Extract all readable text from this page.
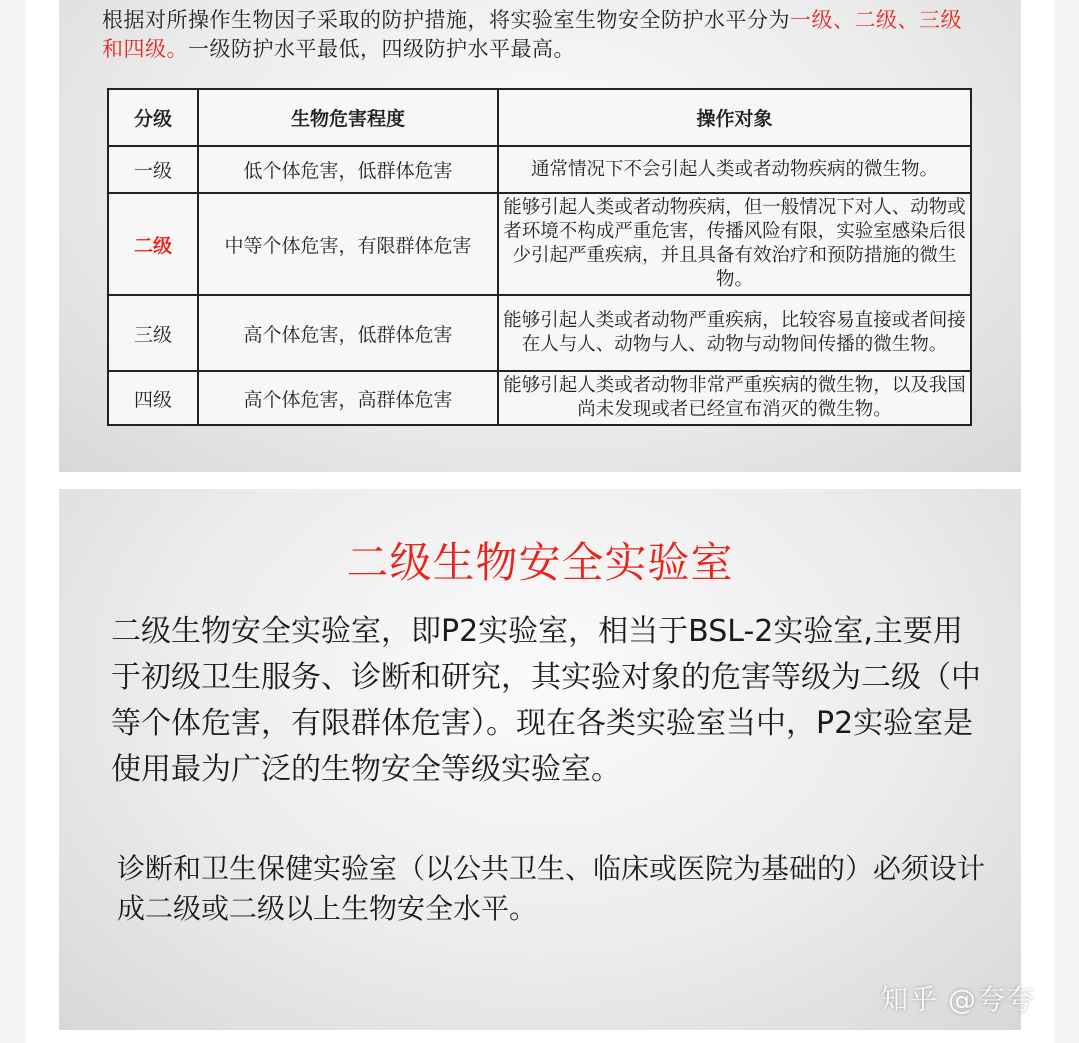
根据对所操作生物因子采取的防护措施，将实验室生物安全防护水平分为一级、二级、三级和四级。一级防护水平最低，四级防护水平最高。
分级	生物危害程度	操作对象
一级	低个体危害，低群体危害	通常情况下不会引起人类或者动物疾病的微生物。
二级	中等个体危害，有限群体危害	能够引起人类或者动物疾病，但一般情况下对人、动物或者环境不构成严重危害，传播风险有限，实验室感染后很少引起严重疾病，并且具备有效治疗和预防措施的微生物。
三级	高个体危害，低群体危害	能够引起人类或者动物严重疾病，比较容易直接或者间接在人与人、动物与人、动物与动物间传播的微生物。
四级	高个体危害，高群体危害	能够引起人类或者动物非常严重疾病的微生物，以及我国尚未发现或者已经宣布消灭的微生物。
二级生物安全实验室
二级生物安全实验室，即P2实验室，相当于BSL-2实验室,主要用于初级卫生服务、诊断和研究，其实验对象的危害等级为二级（中等个体危害，有限群体危害）。现在各类实验室当中，P2实验室是使用最为广泛的生物安全等级实验室。
诊断和卫生保健实验室（以公共卫生、临床或医院为基础的）必须设计成二级或二级以上生物安全水平。
知乎 @夸夸
